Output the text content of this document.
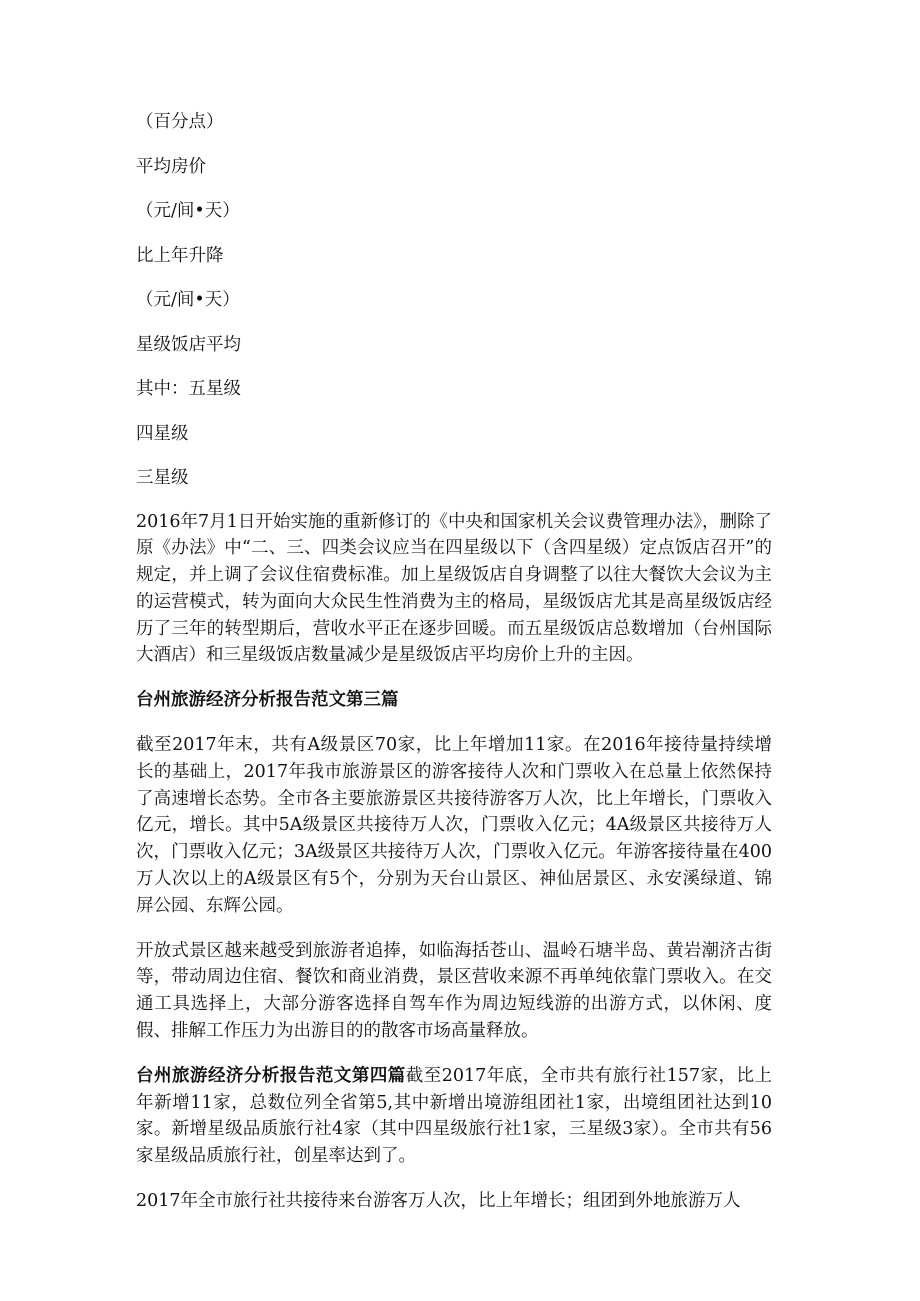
（百分点）

平均房价

（元/间•天）

比上年升降

（元/间•天）

星级饭店平均

其中：五星级

四星级

三星级

2016年7月1日开始实施的重新修订的《中央和国家机关会议费管理办法》，删除了原《办法》中“二、三、四类会议应当在四星级以下（含四星级）定点饭店召开”的规定，并上调了会议住宿费标准。加上星级饭店自身调整了以往大餐饮大会议为主的运营模式，转为面向大众民生性消费为主的格局，星级饭店尤其是高星级饭店经历了三年的转型期后，营收水平正在逐步回暖。而五星级饭店总数增加（台州国际大酒店）和三星级饭店数量减少是星级饭店平均房价上升的主因。

台州旅游经济分析报告范文第三篇

截至2017年末，共有A级景区70家，比上年增加11家。在2016年接待量持续增长的基础上，2017年我市旅游景区的游客接待人次和门票收入在总量上依然保持了高速增长态势。全市各主要旅游景区共接待游客万人次，比上年增长，门票收入亿元，增长。其中5A级景区共接待万人次，门票收入亿元；4A级景区共接待万人次，门票收入亿元；3A级景区共接待万人次，门票收入亿元。年游客接待量在400万人次以上的A级景区有5个，分别为天台山景区、神仙居景区、永安溪绿道、锦屏公园、东辉公园。

开放式景区越来越受到旅游者追捧，如临海括苍山、温岭石塘半岛、黄岩潮济古街等，带动周边住宿、餐饮和商业消费，景区营收来源不再单纯依靠门票收入。在交通工具选择上，大部分游客选择自驾车作为周边短线游的出游方式，以休闲、度假、排解工作压力为出游目的的散客市场高量释放。

台州旅游经济分析报告范文第四篇截至2017年底，全市共有旅行社157家，比上年新增11家，总数位列全省第5,其中新增出境游组团社1家，出境组团社达到10家。新增星级品质旅行社4家（其中四星级旅行社1家，三星级3家）。全市共有56家星级品质旅行社，创星率达到了。

2017年全市旅行社共接待来台游客万人次，比上年增长；组团到外地旅游万人
